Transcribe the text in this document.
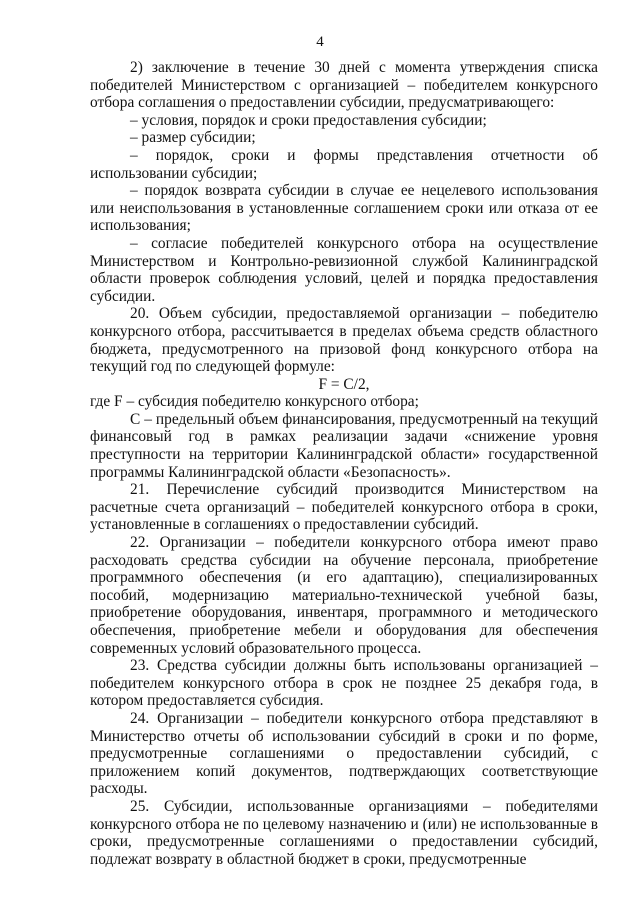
4

2) заключение в течение 30 дней с момента утверждения списка победителей Министерством с организацией – победителем конкурсного отбора соглашения о предоставлении субсидии, предусматривающего:

– условия, порядок и сроки предоставления субсидии;

– размер субсидии;

– порядок, сроки и формы представления отчетности об использовании субсидии;

– порядок возврата субсидии в случае ее нецелевого использования или неиспользования в установленные соглашением сроки или отказа от ее использования;

– согласие победителей конкурсного отбора на осуществление Министерством и Контрольно-ревизионной службой Калининградской области проверок соблюдения условий, целей и порядка предоставления субсидии.

20. Объем субсидии, предоставляемой организации – победителю конкурсного отбора, рассчитывается в пределах объема средств областного бюджета, предусмотренного на призовой фонд конкурсного отбора на текущий год по следующей формуле:

F = C/2,

где F – субсидия победителю конкурсного отбора;

C – предельный объем финансирования, предусмотренный на текущий финансовый год в рамках реализации задачи «снижение уровня преступности на территории Калининградской области» государственной программы Калининградской области «Безопасность».

21. Перечисление субсидий производится Министерством на расчетные счета организаций – победителей конкурсного отбора в сроки, установленные в соглашениях о предоставлении субсидий.

22. Организации – победители конкурсного отбора имеют право расходовать средства субсидии на обучение персонала, приобретение программного обеспечения (и его адаптацию), специализированных пособий, модернизацию материально-технической учебной базы, приобретение оборудования, инвентаря, программного и методического обеспечения, приобретение мебели и оборудования для обеспечения современных условий образовательного процесса.

23. Средства субсидии должны быть использованы организацией – победителем конкурсного отбора в срок не позднее 25 декабря года, в котором предоставляется субсидия.

24. Организации – победители конкурсного отбора представляют в Министерство отчеты об использовании субсидий в сроки и по форме, предусмотренные соглашениями о предоставлении субсидий, с приложением копий документов, подтверждающих соответствующие расходы.

25. Субсидии, использованные организациями – победителями конкурсного отбора не по целевому назначению и (или) не использованные в сроки, предусмотренные соглашениями о предоставлении субсидий, подлежат возврату в областной бюджет в сроки, предусмотренные
